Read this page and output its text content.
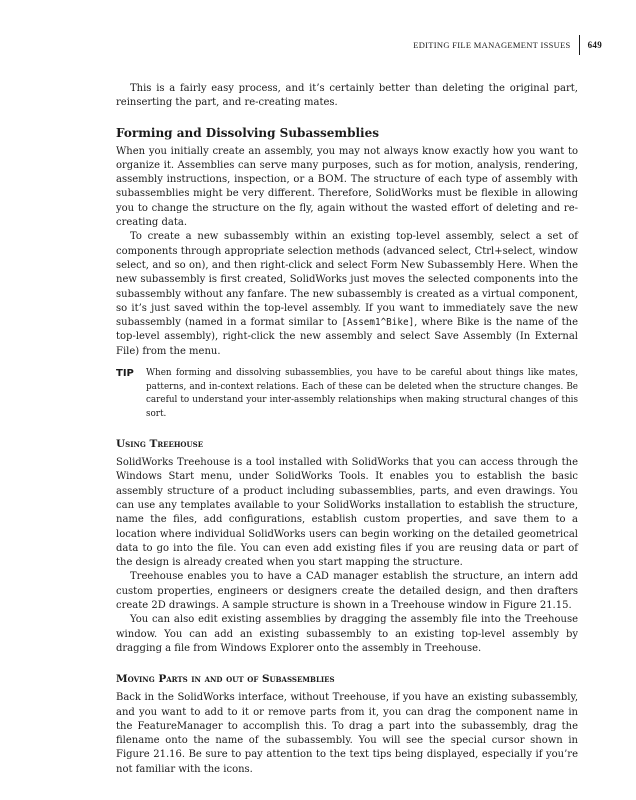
EDITING FILE MANAGEMENT ISSUES 649

This is a fairly easy process, and it’s certainly better than deleting the original part, reinserting the part, and re-creating mates.

Forming and Dissolving Subassemblies

When you initially create an assembly, you may not always know exactly how you want to organize it. Assemblies can serve many purposes, such as for motion, analysis, rendering, assembly instructions, inspection, or a BOM. The structure of each type of assembly with subassemblies might be very different. Therefore, SolidWorks must be flexible in allowing you to change the structure on the fly, again without the wasted effort of deleting and re-creating data.

To create a new subassembly within an existing top-level assembly, select a set of components through appropriate selection methods (advanced select, Ctrl+select, window select, and so on), and then right-click and select Form New Subassembly Here. When the new subassembly is first created, SolidWorks just moves the selected components into the subassembly without any fanfare. The new subassembly is created as a virtual component, so it’s just saved within the top-level assembly. If you want to immediately save the new subassembly (named in a format similar to [Assem1^Bike], where Bike is the name of the top-level assembly), right-click the new assembly and select Save Assembly (In External File) from the menu.

TIP	When forming and dissolving subassemblies, you have to be careful about things like mates, patterns, and in-context relations. Each of these can be deleted when the structure changes. Be careful to understand your inter-assembly relationships when making structural changes of this sort.
Using Treehouse

SolidWorks Treehouse is a tool installed with SolidWorks that you can access through the Windows Start menu, under SolidWorks Tools. It enables you to establish the basic assembly structure of a product including subassemblies, parts, and even drawings. You can use any templates available to your SolidWorks installation to establish the structure, name the files, add configurations, establish custom properties, and save them to a location where individual SolidWorks users can begin working on the detailed geometrical data to go into the file. You can even add existing files if you are reusing data or part of the design is already created when you start mapping the structure.

Treehouse enables you to have a CAD manager establish the structure, an intern add custom properties, engineers or designers create the detailed design, and then drafters create 2D drawings. A sample structure is shown in a Treehouse window in Figure 21.15.

You can also edit existing assemblies by dragging the assembly file into the Treehouse window. You can add an existing subassembly to an existing top-level assembly by dragging a file from Windows Explorer onto the assembly in Treehouse.

Moving Parts in and out of Subassemblies

Back in the SolidWorks interface, without Treehouse, if you have an existing subassembly, and you want to add to it or remove parts from it, you can drag the component name in the FeatureManager to accomplish this. To drag a part into the subassembly, drag the filename onto the name of the subassembly. You will see the special cursor shown in Figure 21.16. Be sure to pay attention to the text tips being displayed, especially if you’re not familiar with the icons.
